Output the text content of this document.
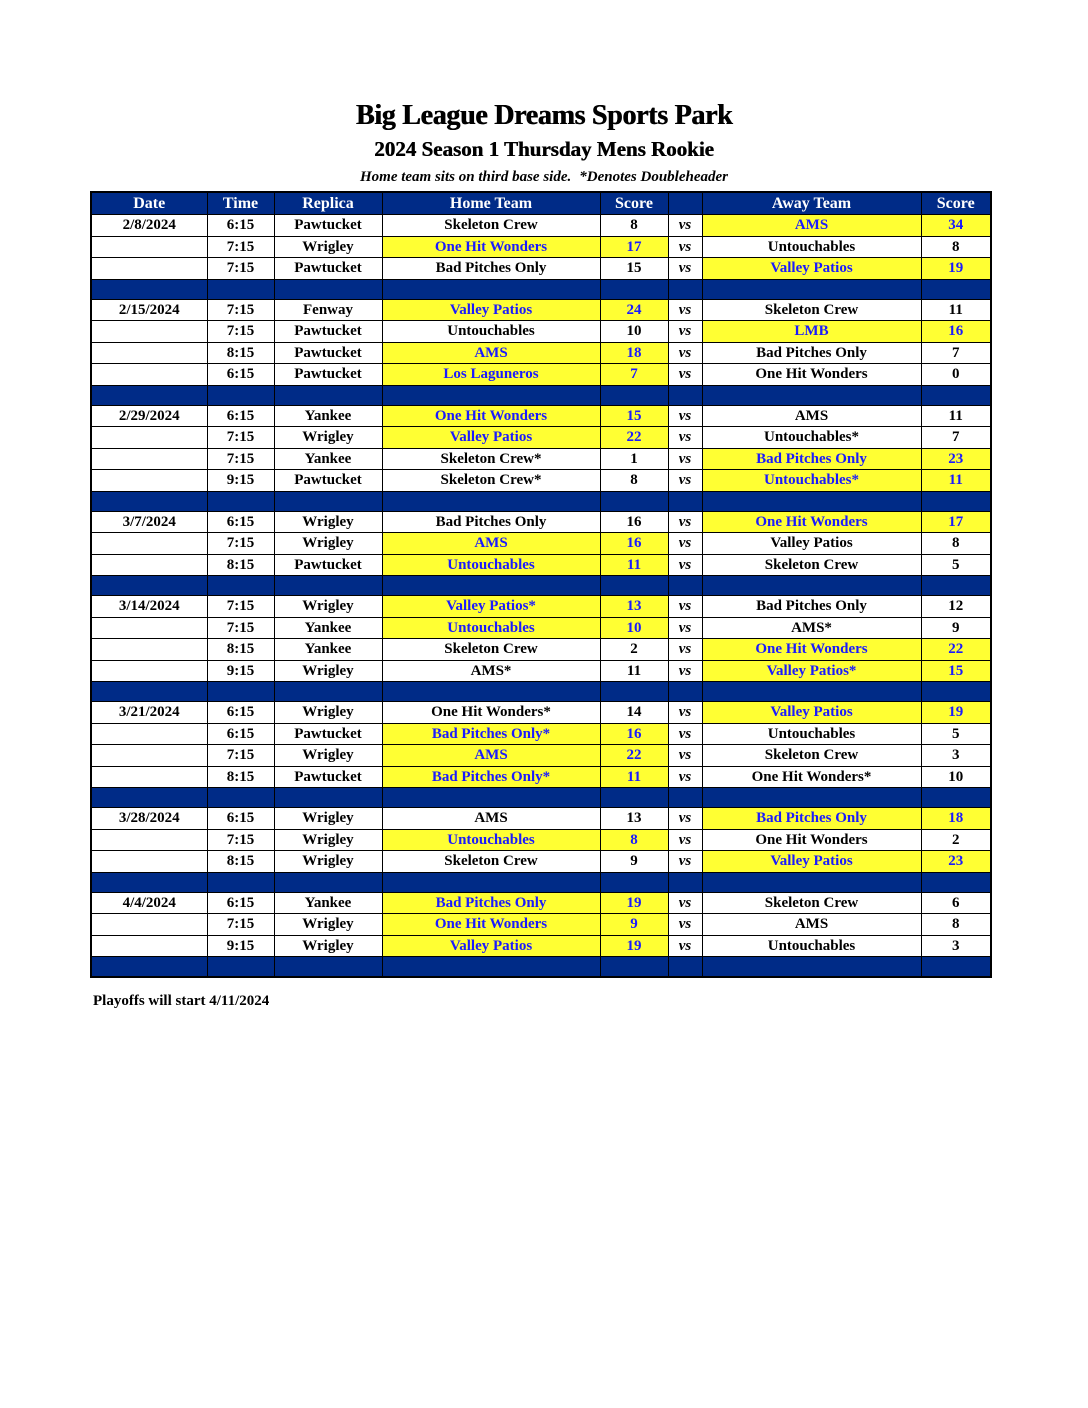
Big League Dreams Sports Park
2024 Season 1 Thursday Mens Rookie
Home team sits on third base side. *Denotes Doubleheader
Date	Time	Replica	Home Team	Score		Away Team	Score
2/8/2024	6:15	Pawtucket	Skeleton Crew	8	vs	AMS	34
	7:15	Wrigley	One Hit Wonders	17	vs	Untouchables	8
	7:15	Pawtucket	Bad Pitches Only	15	vs	Valley Patios	19

2/15/2024	7:15	Fenway	Valley Patios	24	vs	Skeleton Crew	11
	7:15	Pawtucket	Untouchables	10	vs	LMB	16
	8:15	Pawtucket	AMS	18	vs	Bad Pitches Only	7
	6:15	Pawtucket	Los Laguneros	7	vs	One Hit Wonders	0

2/29/2024	6:15	Yankee	One Hit Wonders	15	vs	AMS	11
	7:15	Wrigley	Valley Patios	22	vs	Untouchables*	7
	7:15	Yankee	Skeleton Crew*	1	vs	Bad Pitches Only	23
	9:15	Pawtucket	Skeleton Crew*	8	vs	Untouchables*	11

3/7/2024	6:15	Wrigley	Bad Pitches Only	16	vs	One Hit Wonders	17
	7:15	Wrigley	AMS	16	vs	Valley Patios	8
	8:15	Pawtucket	Untouchables	11	vs	Skeleton Crew	5

3/14/2024	7:15	Wrigley	Valley Patios*	13	vs	Bad Pitches Only	12
	7:15	Yankee	Untouchables	10	vs	AMS*	9
	8:15	Yankee	Skeleton Crew	2	vs	One Hit Wonders	22
	9:15	Wrigley	AMS*	11	vs	Valley Patios*	15

3/21/2024	6:15	Wrigley	One Hit Wonders*	14	vs	Valley Patios	19
	6:15	Pawtucket	Bad Pitches Only*	16	vs	Untouchables	5
	7:15	Wrigley	AMS	22	vs	Skeleton Crew	3
	8:15	Pawtucket	Bad Pitches Only*	11	vs	One Hit Wonders*	10

3/28/2024	6:15	Wrigley	AMS	13	vs	Bad Pitches Only	18
	7:15	Wrigley	Untouchables	8	vs	One Hit Wonders	2
	8:15	Wrigley	Skeleton Crew	9	vs	Valley Patios	23

4/4/2024	6:15	Yankee	Bad Pitches Only	19	vs	Skeleton Crew	6
	7:15	Wrigley	One Hit Wonders	9	vs	AMS	8
	9:15	Wrigley	Valley Patios	19	vs	Untouchables	3

Playoffs will start 4/11/2024
